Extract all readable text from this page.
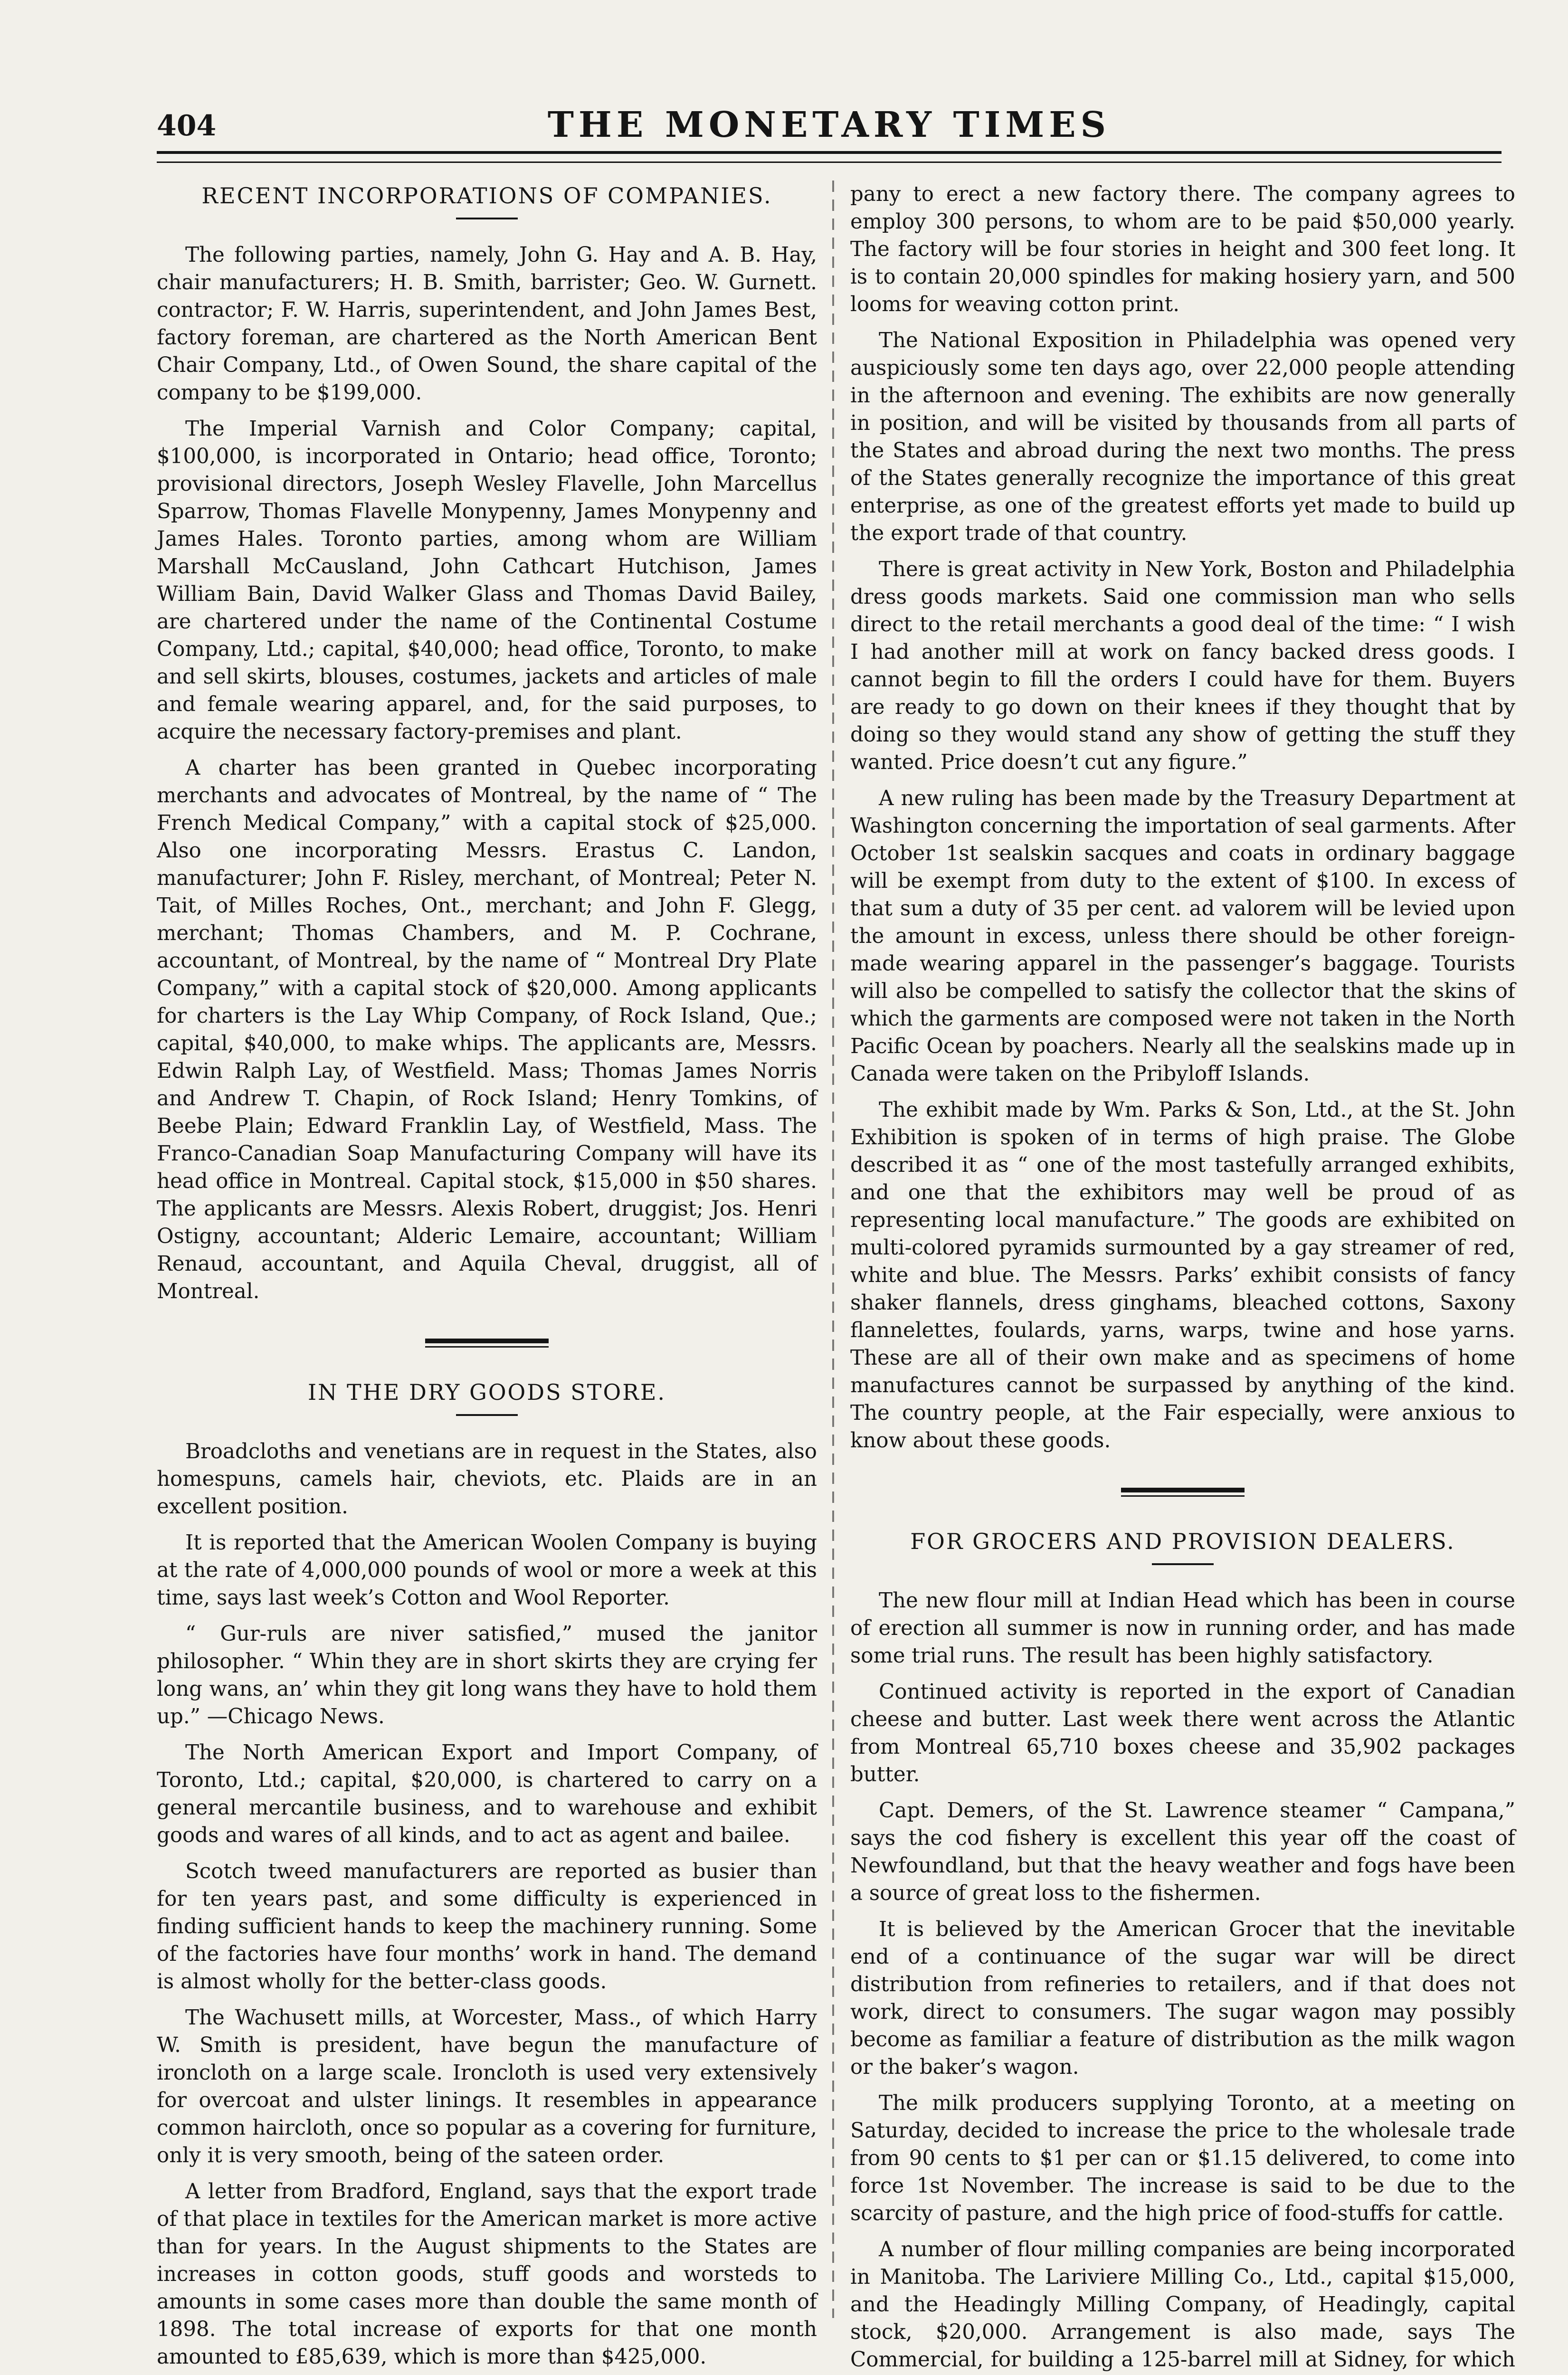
404	THE MONETARY TIMES
RECENT INCORPORATIONS OF COMPANIES.

The following parties, namely, John G. Hay and A. B. Hay, chair manufacturers; H. B. Smith, barrister; Geo. W. Gurnett. contractor; F. W. Harris, superintendent, and John James Best, factory foreman, are chartered as the North American Bent Chair Company, Ltd., of Owen Sound, the share capital of the company to be $199,000.

The Imperial Varnish and Color Company; capital, $100,000, is incorporated in Ontario; head office, Toronto; provisional directors, Joseph Wesley Flavelle, John Marcellus Sparrow, Thomas Flavelle Monypenny, James Monypenny and James Hales. Toronto parties, among whom are William Marshall McCausland, John Cathcart Hutchison, James William Bain, David Walker Glass and Thomas David Bailey, are chartered under the name of the Continental Costume Company, Ltd.; capital, $40,000; head office, Toronto, to make and sell skirts, blouses, costumes, jackets and articles of male and female wearing apparel, and, for the said purposes, to acquire the necessary factory-premises and plant.

A charter has been granted in Quebec incorporating merchants and advocates of Montreal, by the name of “ The French Medical Company,” with a capital stock of $25,000. Also one incorporating Messrs. Erastus C. Landon, manufacturer; John F. Risley, merchant, of Montreal; Peter N. Tait, of Milles Roches, Ont., merchant; and John F. Glegg, merchant; Thomas Chambers, and M. P. Cochrane, accountant, of Montreal, by the name of “ Montreal Dry Plate Company,” with a capital stock of $20,000. Among applicants for charters is the Lay Whip Company, of Rock Island, Que.; capital, $40,000, to make whips. The applicants are, Messrs. Edwin Ralph Lay, of Westfield. Mass; Thomas James Norris and Andrew T. Chapin, of Rock Island; Henry Tomkins, of Beebe Plain; Edward Franklin Lay, of Westfield, Mass. The Franco-Canadian Soap Manufacturing Company will have its head office in Montreal. Capital stock, $15,000 in $50 shares. The applicants are Messrs. Alexis Robert, druggist; Jos. Henri Ostigny, accountant; Alderic Lemaire, accountant; William Renaud, accountant, and Aquila Cheval, druggist, all of Montreal.

IN THE DRY GOODS STORE.

Broadcloths and venetians are in request in the States, also homespuns, camels hair, cheviots, etc. Plaids are in an excellent position.

It is reported that the American Woolen Company is buying at the rate of 4,000,000 pounds of wool or more a week at this time, says last week’s Cotton and Wool Reporter.

“ Gur-ruls are niver satisfied,” mused the janitor philosopher. “ Whin they are in short skirts they are crying fer long wans, an’ whin they git long wans they have to hold them up.” —Chicago News.

The North American Export and Import Company, of Toronto, Ltd.; capital, $20,000, is chartered to carry on a general mercantile business, and to warehouse and exhibit goods and wares of all kinds, and to act as agent and bailee.

Scotch tweed manufacturers are reported as busier than for ten years past, and some difficulty is experienced in finding sufficient hands to keep the machinery running. Some of the factories have four months’ work in hand. The demand is almost wholly for the better-class goods.

The Wachusett mills, at Worcester, Mass., of which Harry W. Smith is president, have begun the manufacture of ironcloth on a large scale. Ironcloth is used very extensively for overcoat and ulster linings. It resembles in appearance common haircloth, once so popular as a covering for furniture, only it is very smooth, being of the sateen order.

A letter from Bradford, England, says that the export trade of that place in textiles for the American market is more active than for years. In the August shipments to the States are increases in cotton goods, stuff goods and worsteds to amounts in some cases more than double the same month of 1898. The total increase of exports for that one month amounted to £85,639, which is more than $425,000.

pany to erect a new factory there. The company agrees to employ 300 persons, to whom are to be paid $50,000 yearly. The factory will be four stories in height and 300 feet long. It is to contain 20,000 spindles for making hosiery yarn, and 500 looms for weaving cotton print.

The National Exposition in Philadelphia was opened very auspiciously some ten days ago, over 22,000 people attending in the afternoon and evening. The exhibits are now generally in position, and will be visited by thousands from all parts of the States and abroad during the next two months. The press of the States generally recognize the importance of this great enterprise, as one of the greatest efforts yet made to build up the export trade of that country.

There is great activity in New York, Boston and Philadelphia dress goods markets. Said one commission man who sells direct to the retail merchants a good deal of the time: “ I wish I had another mill at work on fancy backed dress goods. I cannot begin to fill the orders I could have for them. Buyers are ready to go down on their knees if they thought that by doing so they would stand any show of getting the stuff they wanted. Price doesn’t cut any figure.”

A new ruling has been made by the Treasury Department at Washington concerning the importation of seal garments. After October 1st sealskin sacques and coats in ordinary baggage will be exempt from duty to the extent of $100. In excess of that sum a duty of 35 per cent. ad valorem will be levied upon the amount in excess, unless there should be other foreign-made wearing apparel in the passenger’s baggage. Tourists will also be compelled to satisfy the collector that the skins of which the garments are composed were not taken in the North Pacific Ocean by poachers. Nearly all the sealskins made up in Canada were taken on the Pribyloff Islands.

The exhibit made by Wm. Parks & Son, Ltd., at the St. John Exhibition is spoken of in terms of high praise. The Globe described it as “ one of the most tastefully arranged exhibits, and one that the exhibitors may well be proud of as representing local manufacture.” The goods are exhibited on multi-colored pyramids surmounted by a gay streamer of red, white and blue. The Messrs. Parks’ exhibit consists of fancy shaker flannels, dress ginghams, bleached cottons, Saxony flannelettes, foulards, yarns, warps, twine and hose yarns. These are all of their own make and as specimens of home manufactures cannot be surpassed by anything of the kind. The country people, at the Fair especially, were anxious to know about these goods.

FOR GROCERS AND PROVISION DEALERS.

The new flour mill at Indian Head which has been in course of erection all summer is now in running order, and has made some trial runs. The result has been highly satisfactory.

Continued activity is reported in the export of Canadian cheese and butter. Last week there went across the Atlantic from Montreal 65,710 boxes cheese and 35,902 packages butter.

Capt. Demers, of the St. Lawrence steamer “ Campana,” says the cod fishery is excellent this year off the coast of Newfoundland, but that the heavy weather and fogs have been a source of great loss to the fishermen.

It is believed by the American Grocer that the inevitable end of a continuance of the sugar war will be direct distribution from refineries to retailers, and if that does not work, direct to consumers. The sugar wagon may possibly become as familiar a feature of distribution as the milk wagon or the baker’s wagon.

The milk producers supplying Toronto, at a meeting on Saturday, decided to increase the price to the wholesale trade from 90 cents to $1 per can or $1.15 delivered, to come into force 1st November. The increase is said to be due to the scarcity of pasture, and the high price of food-stuffs for cattle.

A number of flour milling companies are being incorporated in Manitoba. The Lariviere Milling Co., Ltd., capital $15,000, and the Headingly Milling Company, of Headingly, capital stock, $20,000. Arrangement is also made, says The Commercial, for building a 125-barrel mill at Sidney, for which
